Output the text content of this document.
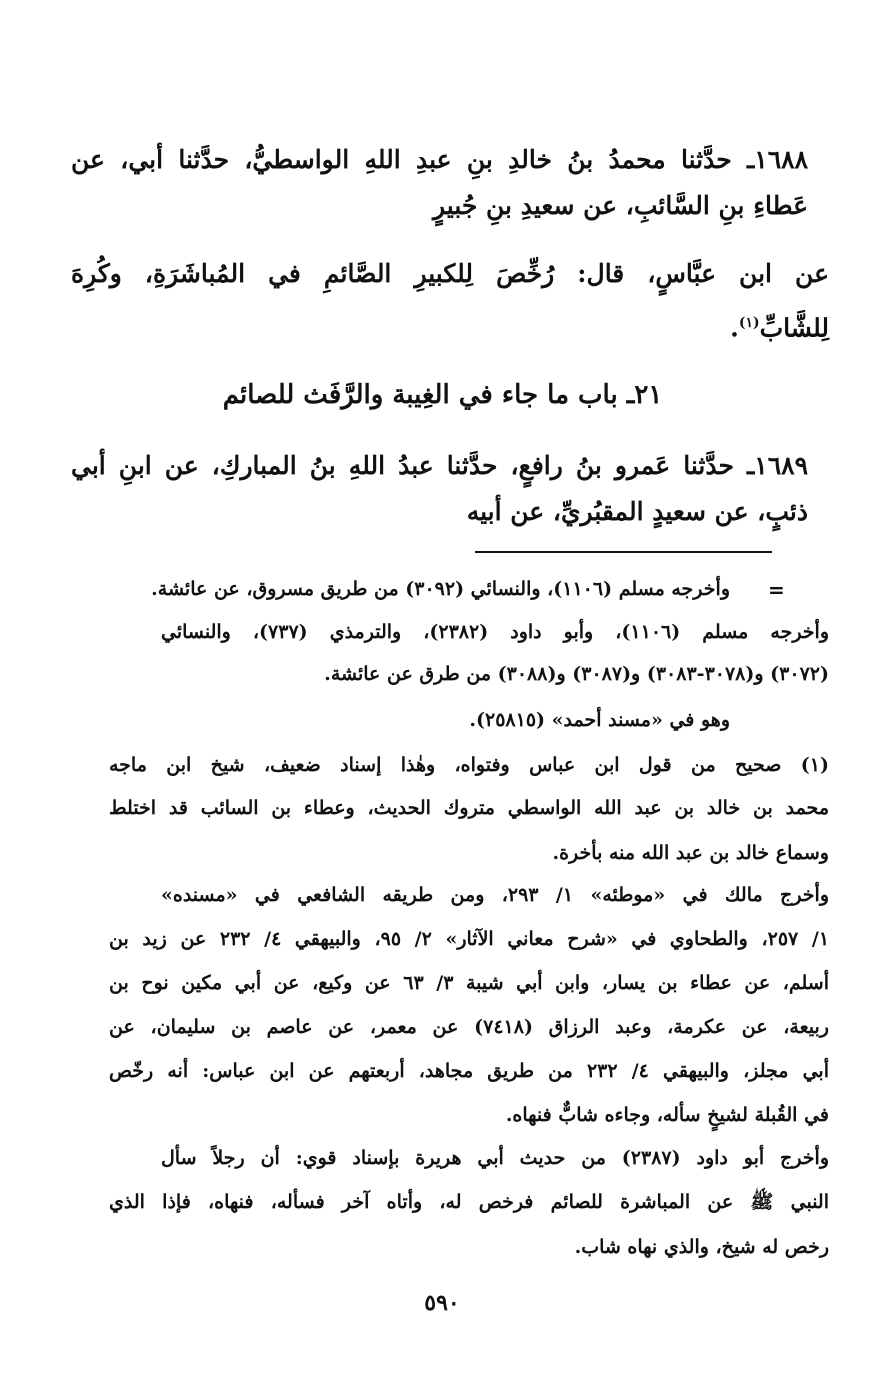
١٦٨٨ـ حدَّثنا محمدُ بنُ خالدِ بنِ عبدِ اللهِ الواسطيُّ، حدَّثنا أبي، عن
عَطاءِ بنِ السَّائبِ، عن سعيدِ بنِ جُبيرٍ
عن ابن عبَّاسٍ، قال: رُخِّصَ لِلكبيرِ الصَّائمِ في المُباشَرَةِ، وكُرِهَ
لِلشَّابِّ$^{(١)}$.
٢١ـ باب ما جاء في الغِيبة والرَّفَث للصائم
١٦٨٩ـ حدَّثنا عَمرو بنُ رافعٍ، حدَّثنا عبدُ اللهِ بنُ المباركِ، عن ابنِ أبي
ذئبٍ، عن سعيدٍ المقبُريِّ، عن أبيه
=
وأخرجه مسلم (١١٠٦)، والنسائي (٣٠٩٢) من طريق مسروق، عن عائشة.
وأخرجه مسلم (١١٠٦)، وأبو داود (٢٣٨٢)، والترمذي (٧٣٧)، والنسائي
(٣٠٧٢) و(٣٠٧٨-٣٠٨٣) و(٣٠٨٧) و(٣٠٨٨) من طرق عن عائشة.
وهو في «مسند أحمد» (٢٥٨١٥).
(١) صحيح من قول ابن عباس وفتواه، وهٰذا إسناد ضعيف، شيخ ابن ماجه
محمد بن خالد بن عبد الله الواسطي متروك الحديث، وعطاء بن السائب قد اختلط
وسماع خالد بن عبد الله منه بأخرة.
وأخرج مالك في «موطئه» ١/ ٢٩٣، ومن طريقه الشافعي في «مسنده»
١/ ٢٥٧، والطحاوي في «شرح معاني الآثار» ٢/ ٩٥، والبيهقي ٤/ ٢٣٢ عن زيد بن
أسلم، عن عطاء بن يسار، وابن أبي شيبة ٣/ ٦٣ عن وكيع، عن أبي مكين نوح بن
ربيعة، عن عكرمة، وعبد الرزاق (٧٤١٨) عن معمر، عن عاصم بن سليمان، عن
أبي مجلز، والبيهقي ٤/ ٢٣٢ من طريق مجاهد، أربعتهم عن ابن عباس: أنه رخّص
في القُبلة لشيخٍ سأله، وجاءه شابٌّ فنهاه.
وأخرج أبو داود (٢٣٨٧) من حديث أبي هريرة بإسناد قوي: أن رجلاً سأل
النبي ﷺ عن المباشرة للصائم فرخص له، وأتاه آخر فسأله، فنهاه، فإذا الذي
رخص له شيخ، والذي نهاه شاب.
٥٩٠
